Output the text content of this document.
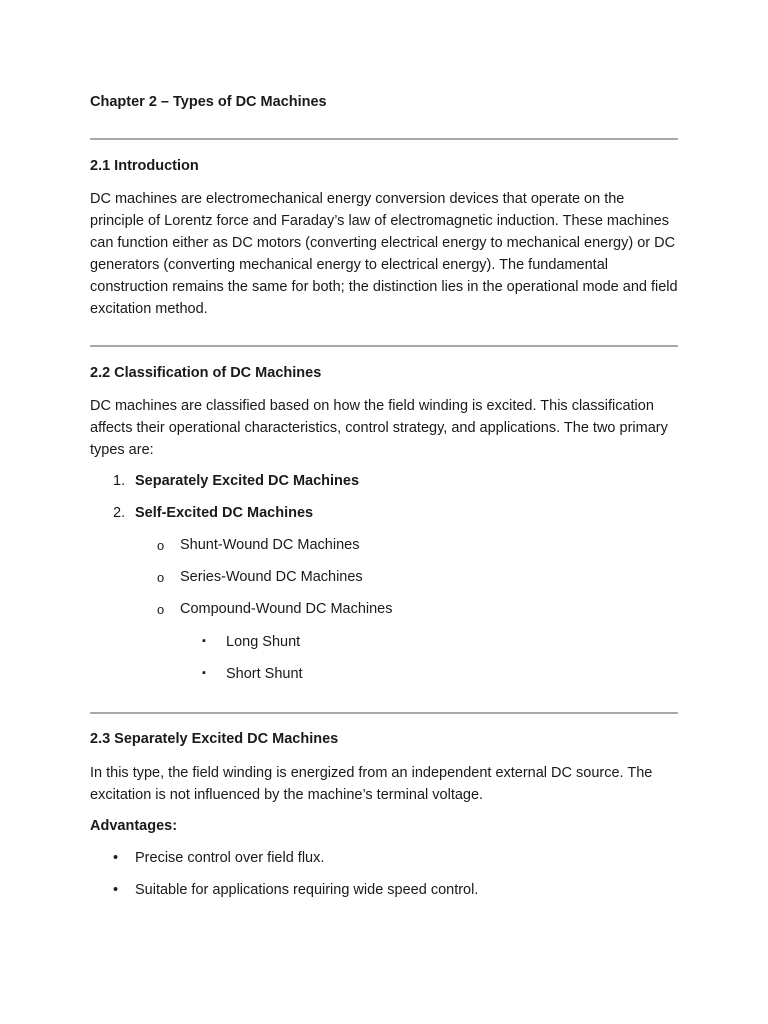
Chapter 2 – Types of DC Machines

2.1 Introduction

DC machines are electromechanical energy conversion devices that operate on the principle of Lorentz force and Faraday’s law of electromagnetic induction. These machines can function either as DC motors (converting electrical energy to mechanical energy) or DC generators (converting mechanical energy to electrical energy). The fundamental construction remains the same for both; the distinction lies in the operational mode and field excitation method.

2.2 Classification of DC Machines

DC machines are classified based on how the field winding is excited. This classification affects their operational characteristics, control strategy, and applications. The two primary types are:

1. Separately Excited DC Machines
2. Self-Excited DC Machines
o Shunt-Wound DC Machines
o Series-Wound DC Machines
o Compound-Wound DC Machines
▪ Long Shunt
▪ Short Shunt

2.3 Separately Excited DC Machines

In this type, the field winding is energized from an independent external DC source. The excitation is not influenced by the machine’s terminal voltage.

Advantages:

• Precise control over field flux.
• Suitable for applications requiring wide speed control.
